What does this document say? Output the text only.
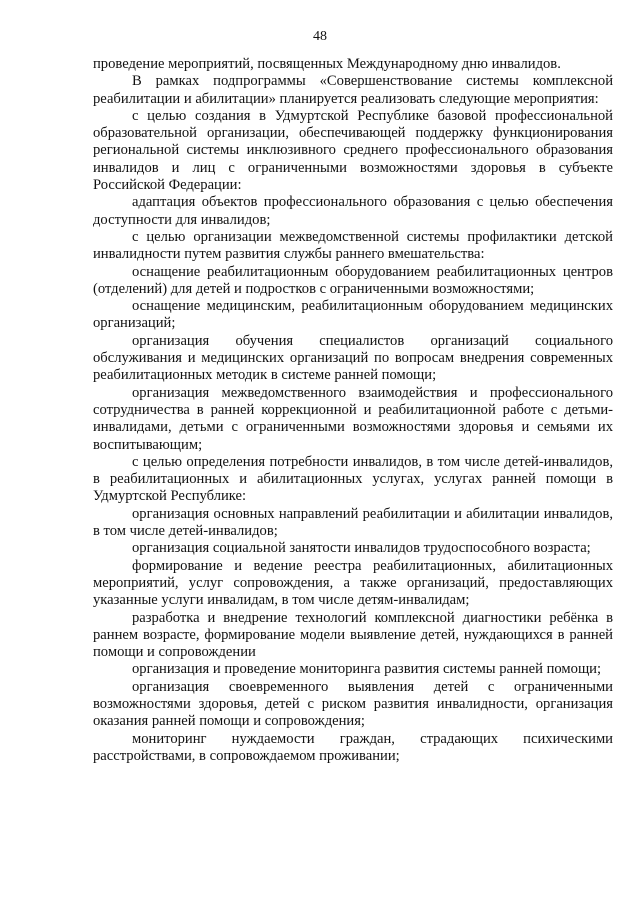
48

проведение мероприятий, посвященных Международному дню инвалидов.

В рамках подпрограммы «Совершенствование системы комплексной реабилитации и абилитации» планируется реализовать следующие мероприятия:

с целью создания в Удмуртской Республике базовой профессиональной образовательной организации, обеспечивающей поддержку функционирования региональной системы инклюзивного среднего профессионального образования инвалидов и лиц с ограниченными возможностями здоровья в субъекте Российской Федерации:

адаптация объектов профессионального образования с целью обеспечения доступности для инвалидов;

с целью организации межведомственной системы профилактики детской инвалидности путем развития службы раннего вмешательства:

оснащение реабилитационным оборудованием реабилитационных центров (отделений) для детей и подростков с ограниченными возможностями;

оснащение медицинским, реабилитационным оборудованием медицинских организаций;

организация обучения специалистов организаций социального обслуживания и медицинских организаций по вопросам внедрения современных реабилитационных методик в системе ранней помощи;

организация межведомственного взаимодействия и профессионального сотрудничества в ранней коррекционной и реабилитационной работе с детьми-инвалидами, детьми с ограниченными возможностями здоровья и семьями их воспитывающим;

с целью определения потребности инвалидов, в том числе детей-инвалидов, в реабилитационных и абилитационных услугах, услугах ранней помощи в Удмуртской Республике:

организация основных направлений реабилитации и абилитации инвалидов, в том числе детей-инвалидов;

организация социальной занятости инвалидов трудоспособного возраста;

формирование и ведение реестра реабилитационных, абилитационных мероприятий, услуг сопровождения, а также организаций, предоставляющих указанные услуги инвалидам, в том числе детям-инвалидам;

разработка и внедрение технологий комплексной диагностики ребёнка в раннем возрасте, формирование модели выявление детей, нуждающихся в ранней помощи и сопровождении

организация и проведение мониторинга развития системы ранней помощи;

организация своевременного выявления детей с ограниченными возможностями здоровья, детей с риском развития инвалидности, организация оказания ранней помощи и сопровождения;

мониторинг нуждаемости граждан, страдающих психическими расстройствами, в сопровождаемом проживании;
